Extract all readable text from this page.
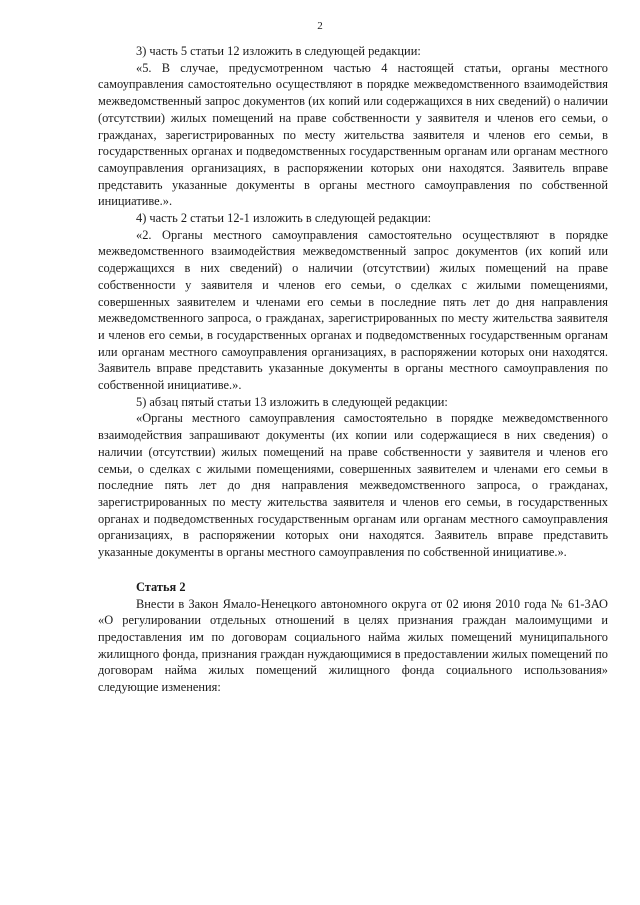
2

3) часть 5 статьи 12 изложить в следующей редакции:

«5. В случае, предусмотренном частью 4 настоящей статьи, органы местного самоуправления самостоятельно осуществляют в порядке межведомственного взаимодействия межведомственный запрос документов (их копий или содержащихся в них сведений) о наличии (отсутствии) жилых помещений на праве собственности у заявителя и членов его семьи, о гражданах, зарегистрированных по месту жительства заявителя и членов его семьи, в государственных органах и подведомственных государственным органам или органам местного самоуправления организациях, в распоряжении которых они находятся. Заявитель вправе представить указанные документы в органы местного самоуправления по собственной инициативе.».

4) часть 2 статьи 12-1 изложить в следующей редакции:

«2. Органы местного самоуправления самостоятельно осуществляют в порядке межведомственного взаимодействия межведомственный запрос документов (их копий или содержащихся в них сведений) о наличии (отсутствии) жилых помещений на праве собственности у заявителя и членов его семьи, о сделках с жилыми помещениями, совершенных заявителем и членами его семьи в последние пять лет до дня направления межведомственного запроса, о гражданах, зарегистрированных по месту жительства заявителя и членов его семьи, в государственных органах и подведомственных государственным органам или органам местного самоуправления организациях, в распоряжении которых они находятся. Заявитель вправе представить указанные документы в органы местного самоуправления по собственной инициативе.».

5) абзац пятый статьи 13 изложить в следующей редакции:

«Органы местного самоуправления самостоятельно в порядке межведомственного взаимодействия запрашивают документы (их копии или содержащиеся в них сведения) о наличии (отсутствии) жилых помещений на праве собственности у заявителя и членов его семьи, о сделках с жилыми помещениями, совершенных заявителем и членами его семьи в последние пять лет до дня направления межведомственного запроса, о гражданах, зарегистрированных по месту жительства заявителя и членов его семьи, в государственных органах и подведомственных государственным органам или органам местного самоуправления организациях, в распоряжении которых они находятся. Заявитель вправе представить указанные документы в органы местного самоуправления по собственной инициативе.».

Статья 2

Внести в Закон Ямало-Ненецкого автономного округа от 02 июня 2010 года № 61-ЗАО «О регулировании отдельных отношений в целях признания граждан малоимущими и предоставления им по договорам социального найма жилых помещений муниципального жилищного фонда, признания граждан нуждающимися в предоставлении жилых помещений по договорам найма жилых помещений жилищного фонда социального использования» следующие изменения:
